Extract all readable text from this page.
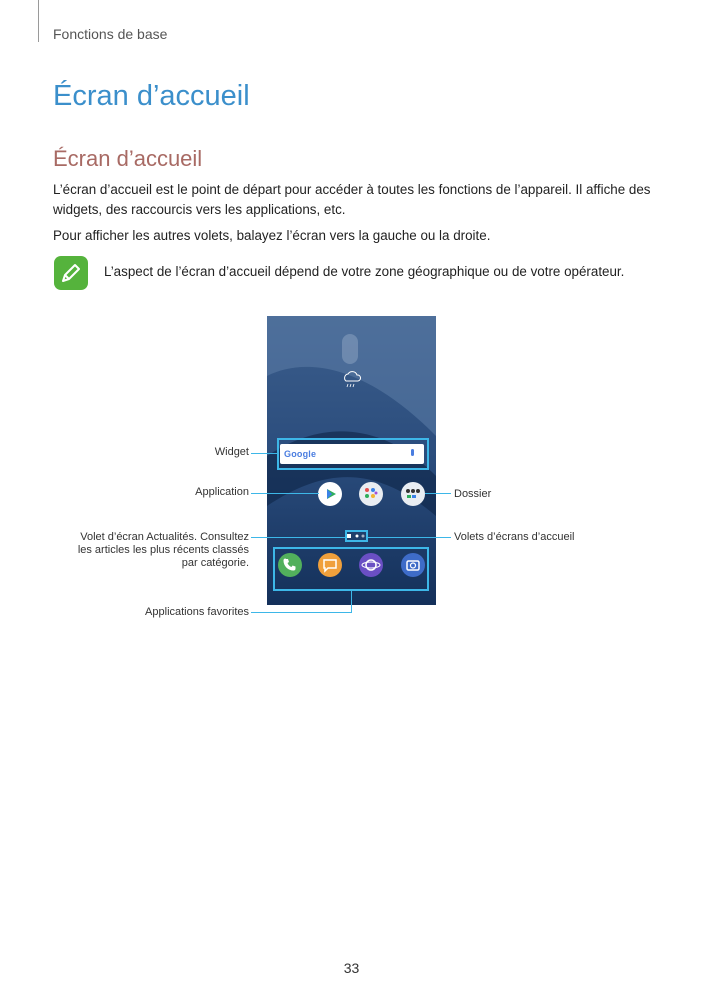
Fonctions de base
Écran d’accueil
Écran d’accueil

L’écran d’accueil est le point de départ pour accéder à toutes les fonctions de l’appareil. Il affiche des widgets, des raccourcis vers les applications, etc.

Pour afficher les autres volets, balayez l’écran vers la gauche ou la droite.

L’aspect de l’écran d’accueil dépend de votre zone géographique ou de votre opérateur.

Google

Widget

Application

Volet d’écran Actualités. Consultez les articles les plus récents classés par catégorie.

Applications favorites

Dossier

Volets d’écrans d’accueil

33
